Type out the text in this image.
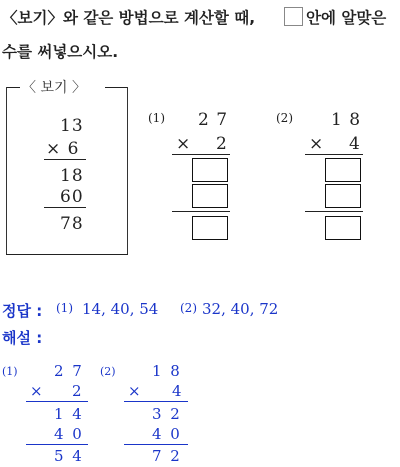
〈보기〉와 같은 방법으로 계산할 때,	안에 알맞은
수를 써넣으시오.
〈 보기 〉
13
× 6
18
60
78
(1) 2 7
× 2
(2) 1 8
× 4
정답 : (1) 14, 40, 54 (2) 32, 40, 72
해설 :
(1) 2 7
× 2
1 4
4 0
5 4
(2) 1 8
× 4
3 2
4 0
7 2
